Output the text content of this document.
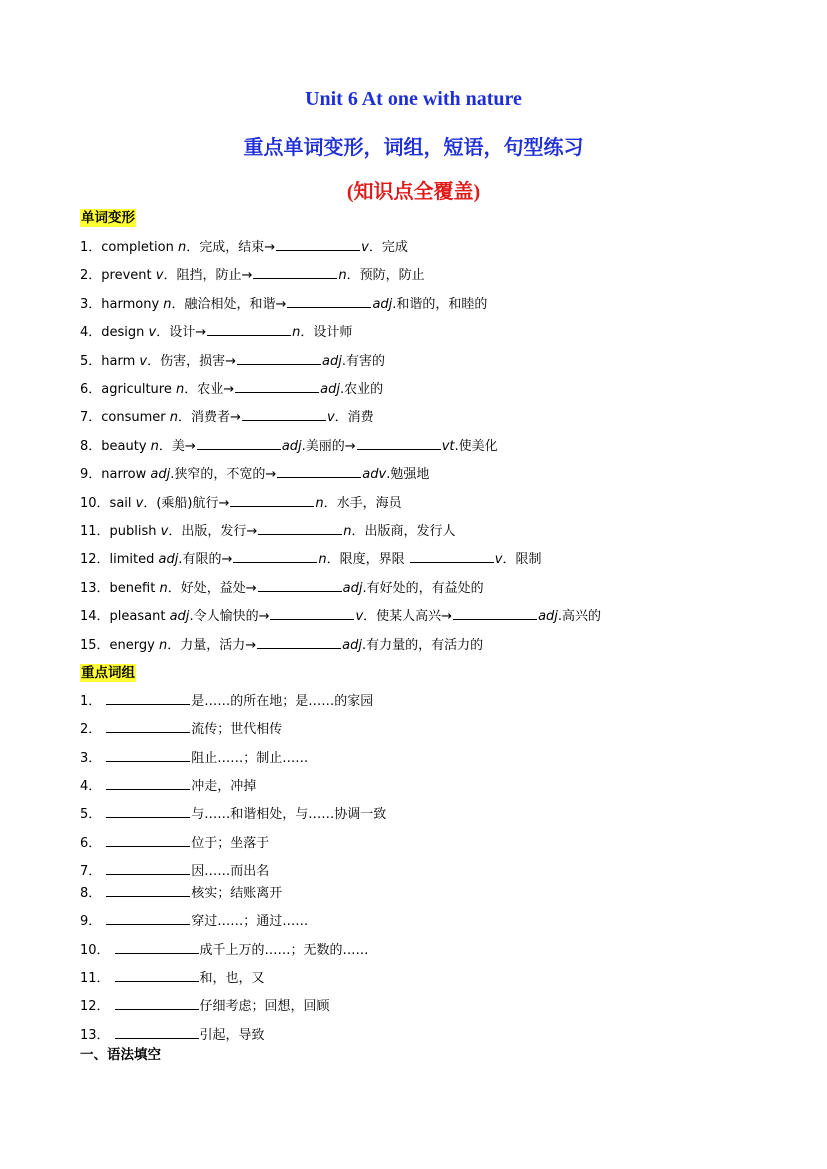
Unit 6 At one with nature
重点单词变形，词组，短语，句型练习
(知识点全覆盖)
单词变形
1．completion n．完成，结束→	v．完成
2．prevent v．阻挡，防止→	n．预防，防止
3．harmony n．融洽相处，和谐→	adj.和谐的，和睦的
4．design v．设计→	n．设计师
5．harm v．伤害，损害→	adj.有害的
6．agriculture n．农业→	adj.农业的
7．consumer n．消费者→	v．消费
8．beauty n．美→	adj.美丽的→	vt.使美化
9．narrow adj.狭窄的，不宽的→	adv.勉强地
10．sail v．(乘船)航行→	n．水手，海员
11．publish v．出版，发行→	n．出版商，发行人
12．limited adj.有限的→	n．限度，界限	v．限制
13．benefit n．好处，益处→	adj.有好处的，有益处的
14．pleasant adj.令人愉快的→	v．使某人高兴→	adj.高兴的
15．energy n．力量，活力→	adj.有力量的，有活力的
重点词组
1．	是……的所在地；是……的家园
2．	流传；世代相传
3．	阻止……；制止……
4．	冲走，冲掉
5．	与……和谐相处，与……协调一致
6．	位于；坐落于
7．	因……而出名
8．	核实；结账离开
9．	穿过……；通过……
10．	成千上万的……；无数的……
11．	和，也，又
12．	仔细考虑；回想，回顾
13．	引起，导致
一、语法填空
